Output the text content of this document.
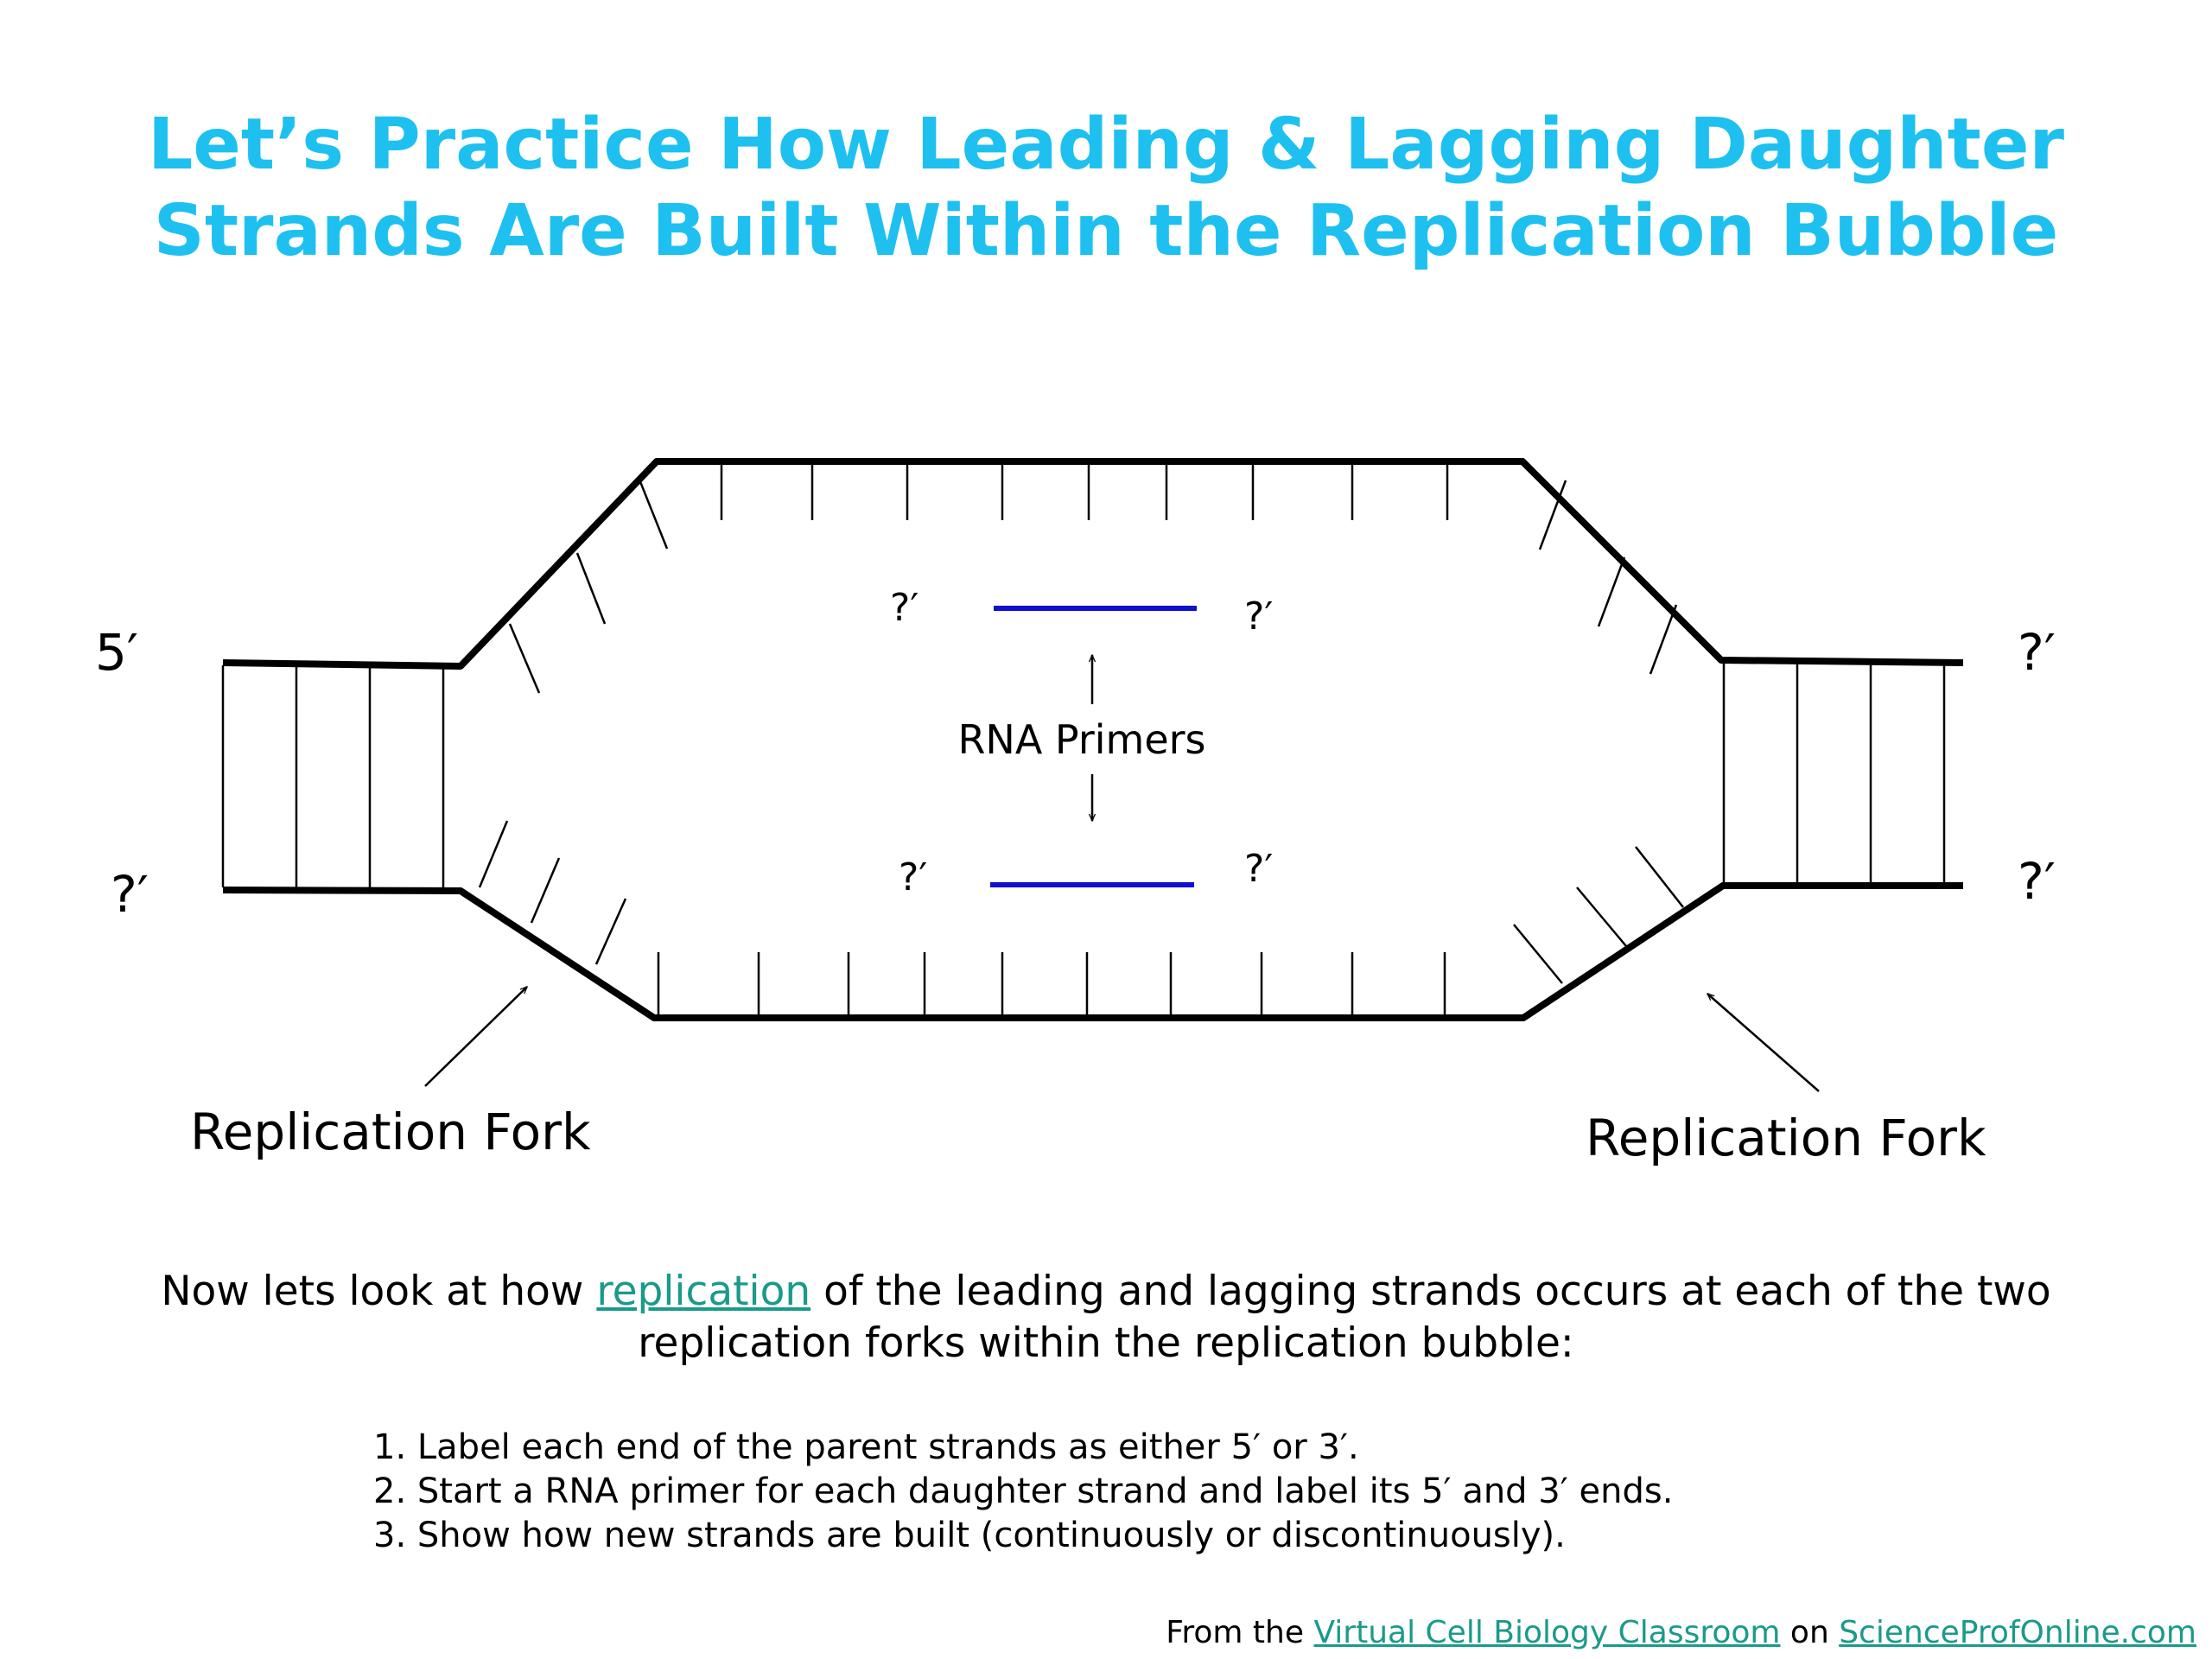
Let’s Practice How Leading & Lagging Daughter
Strands Are Built Within the Replication Bubble
5′
?′
?′
?′
?′	?′
?′	?′
RNA Primers
Replication Fork	Replication Fork
Now lets look at how replication of the leading and lagging strands occurs at each of the two
replication forks within the replication bubble:
1. Label each end of the parent strands as either 5′ or 3′.
2. Start a RNA primer for each daughter strand and label its 5′ and 3′ ends.
3. Show how new strands are built (continuously or discontinuously).
From the Virtual Cell Biology Classroom on ScienceProfOnline.com
